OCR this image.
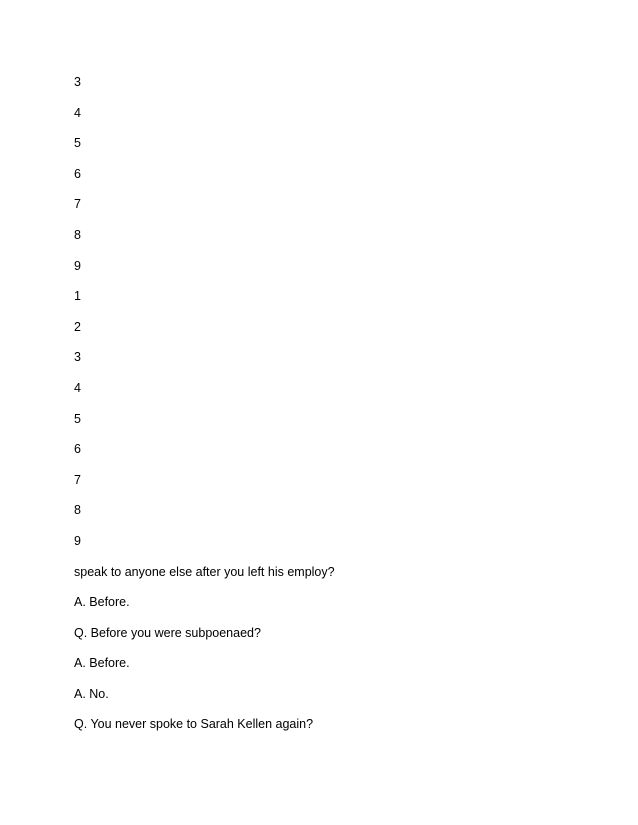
3
4
5
6
7
8
9
1
2
3
4
5
6
7
8
9
speak to anyone else after you left his employ?
A. Before.
Q. Before you were subpoenaed?
A. Before.
A. No.
Q. You never spoke to Sarah Kellen again?
